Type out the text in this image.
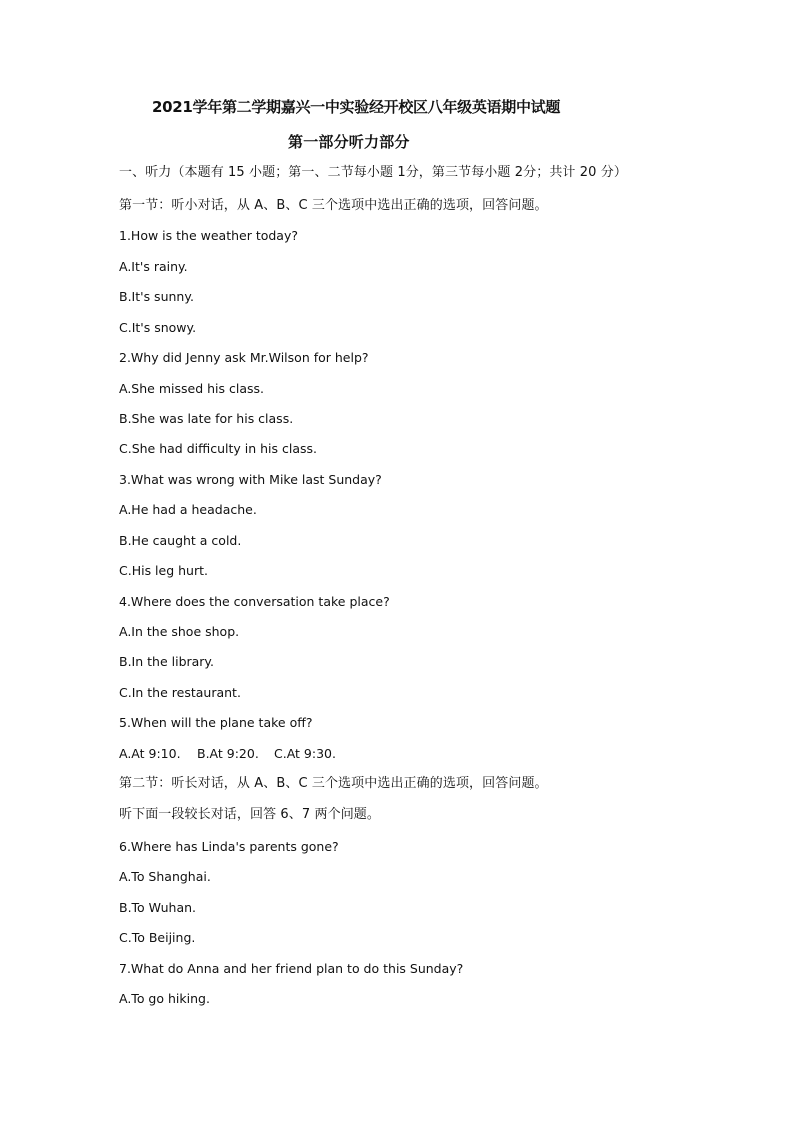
2021学年第二学期嘉兴一中实验经开校区八年级英语期中试题
第一部分听力部分
一、听力（本题有 15 小题；第一、二节每小题 1分，第三节每小题 2分；共计 20 分）
第一节：听小对话，从 A、B、C 三个选项中选出正确的选项，回答问题。
1.How is the weather today?
A.It's rainy.
B.It's sunny.
C.It's snowy.
2.Why did Jenny ask Mr.Wilson for help?
A.She missed his class.
B.She was late for his class.
C.She had difficulty in his class.
3.What was wrong with Mike last Sunday?
A.He had a headache.
B.He caught a cold.
C.His leg hurt.
4.Where does the conversation take place?
A.In the shoe shop.
B.In the library.
C.In the restaurant.
5.When will the plane take off?
A.At 9:10. B.At 9:20. C.At 9:30.
第二节：听长对话，从 A、B、C 三个选项中选出正确的选项，回答问题。
听下面一段较长对话，回答 6、7 两个问题。
6.Where has Linda's parents gone?
A.To Shanghai.
B.To Wuhan.
C.To Beijing.
7.What do Anna and her friend plan to do this Sunday?
A.To go hiking.
